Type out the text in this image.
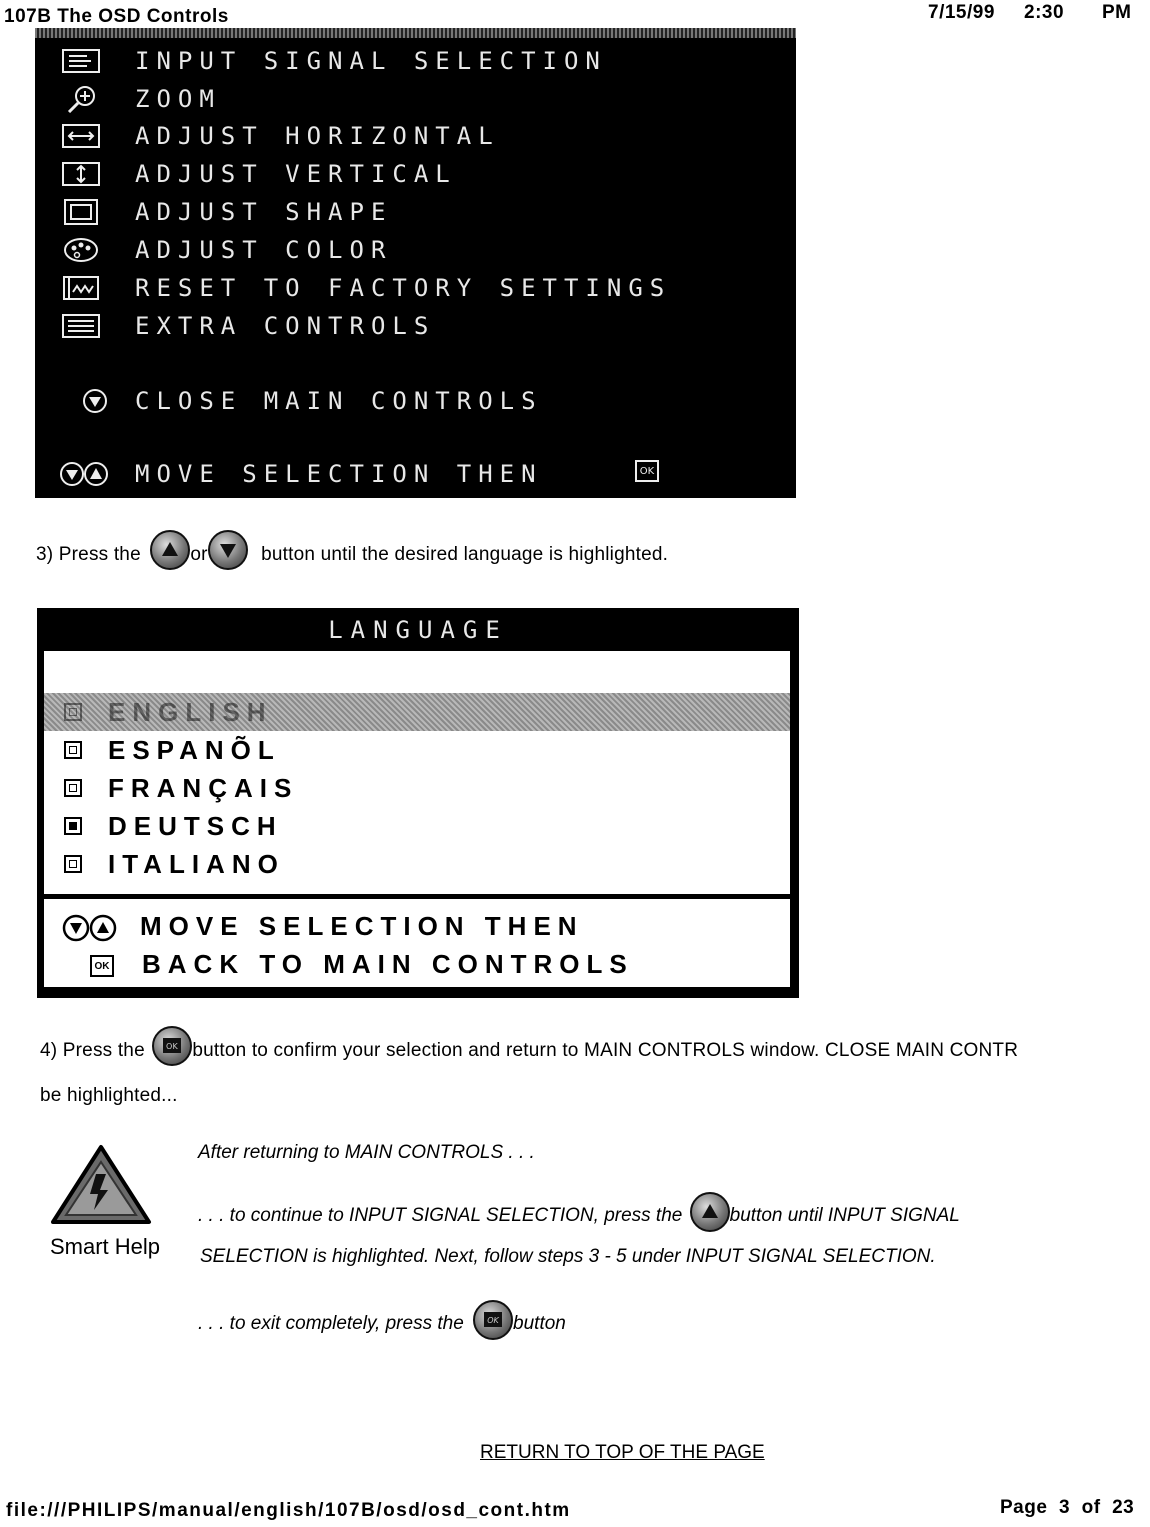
107B The OSD Controls	7/15/99 2:30 PM
INPUT SIGNAL SELECTION
ZOOM
ADJUST HORIZONTAL
ADJUST VERTICAL
ADJUST SHAPE
ADJUST COLOR
RESET TO FACTORY SETTINGS
EXTRA CONTROLS
CLOSE MAIN CONTROLS
MOVE SELECTION THEN	OK
3) Press the	or	button until the desired language is highlighted.
LANGUAGE
ENGLISH
ESPANÕL
FRANÇAIS
DEUTSCH
ITALIANO
MOVE SELECTION THEN
OK BACK TO MAIN CONTROLS
4) Press the	OK button to confirm your selection and return to MAIN CONTROLS window. CLOSE MAIN CONTR
be highlighted...
Smart Help
After returning to MAIN CONTROLS . . .
. . . to continue to INPUT SIGNAL SELECTION, press the button until INPUT SIGNAL
SELECTION is highlighted. Next, follow steps 3 - 5 under INPUT SIGNAL SELECTION.
. . . to exit completely, press the	OK button
RETURN TO TOP OF THE PAGE
file:///PHILIPS/manual/english/107B/osd/osd_cont.htm	Page  3  of  23
